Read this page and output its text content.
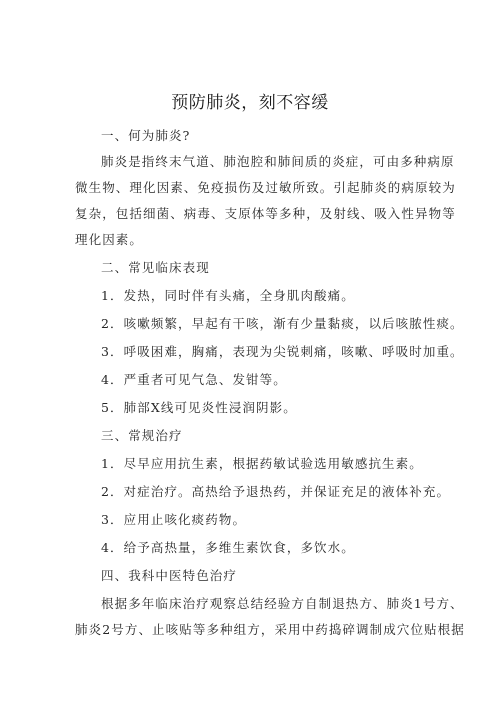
预防肺炎，刻不容缓

一、何为肺炎?

肺炎是指终末气道、肺泡腔和肺间质的炎症，可由多种病原

微生物、理化因素、免疫损伤及过敏所致。引起肺炎的病原较为

复杂，包括细菌、病毒、支原体等多种，及射线、吸入性异物等

理化因素。

二、常见临床表现

1．发热，同时伴有头痛，全身肌肉酸痛。

2．咳嗽频繁，早起有干咳，渐有少量黏痰，以后咳脓性痰。

3．呼吸困难，胸痛，表现为尖锐刺痛，咳嗽、呼吸时加重。

4．严重者可见气急、发钳等。

5．肺部X线可见炎性浸润阴影。

三、常规治疗

1．尽早应用抗生素，根据药敏试验选用敏感抗生素。

2．对症治疗。高热给予退热药，并保证充足的液体补充。

3．应用止咳化痰药物。

4．给予高热量，多维生素饮食，多饮水。

四、我科中医特色治疗

根据多年临床治疗观察总结经验方自制退热方、肺炎1号方、

肺炎2号方、止咳贴等多种组方，采用中药捣碎调制成穴位贴根据
